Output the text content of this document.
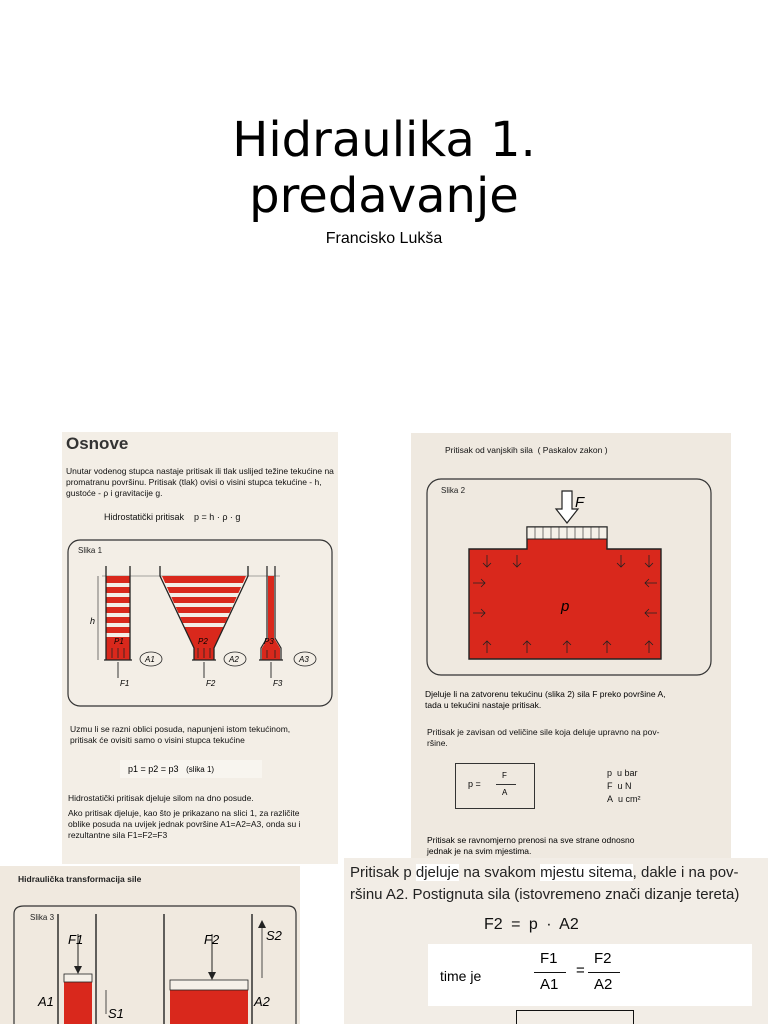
Hidraulika 1.
predavanje
Francisko Lukša
Osnove
Unutar vodenog stupca nastaje pritisak ili tlak uslijed težine tekućine na
promatranu površinu. Pritisak (tlak) ovisi o visini stupca tekućine - h,
gustoće - ρ i gravitacije g.
Hidrostatički pritisak p = h · ρ · g
Slika 1
h
P1	P2	P3
A1	A2	A3
F1	F2	F3
Uzmu li se razni oblici posuda, napunjeni istom tekućinom,
pritisak će ovisiti samo o visini stupca tekućine
p1 = p2 = p3 (slika 1)
Hidrostatički pritisak djeluje silom na dno posude.
Ako pritisak djeluje, kao što je prikazano na slici 1, za različite
oblike posuda na uvijek jednak površine A1=A2=A3, onda su i
rezultantne sila F1=F2=F3
Pritisak od vanjskih sila ( Paskalov zakon )
Slika 2
F
p
Djeluje li na zatvorenu tekućinu (slika 2) sila F preko površine A,
tada u tekućini nastaje pritisak.
Pritisak je zavisan od veličine sile koja deluje upravno na pov-
ršine.
p =
F
A
p u bar
F u N
A u cm²
Pritisak se ravnomjerno prenosi na sve strane odnosno
jednak je na svim mjestima.
Hidraulička transformacija sile
Slika 3
F1
A1
S1
F2
A2
S2
Pritisak p djeluje na svakom mjestu sitema, dakle i na pov-
ršinu A2. Postignuta sila (istovremeno znači dizanje tereta)
F2 = p · A2
time je
F1
A1
=
F2
A2
